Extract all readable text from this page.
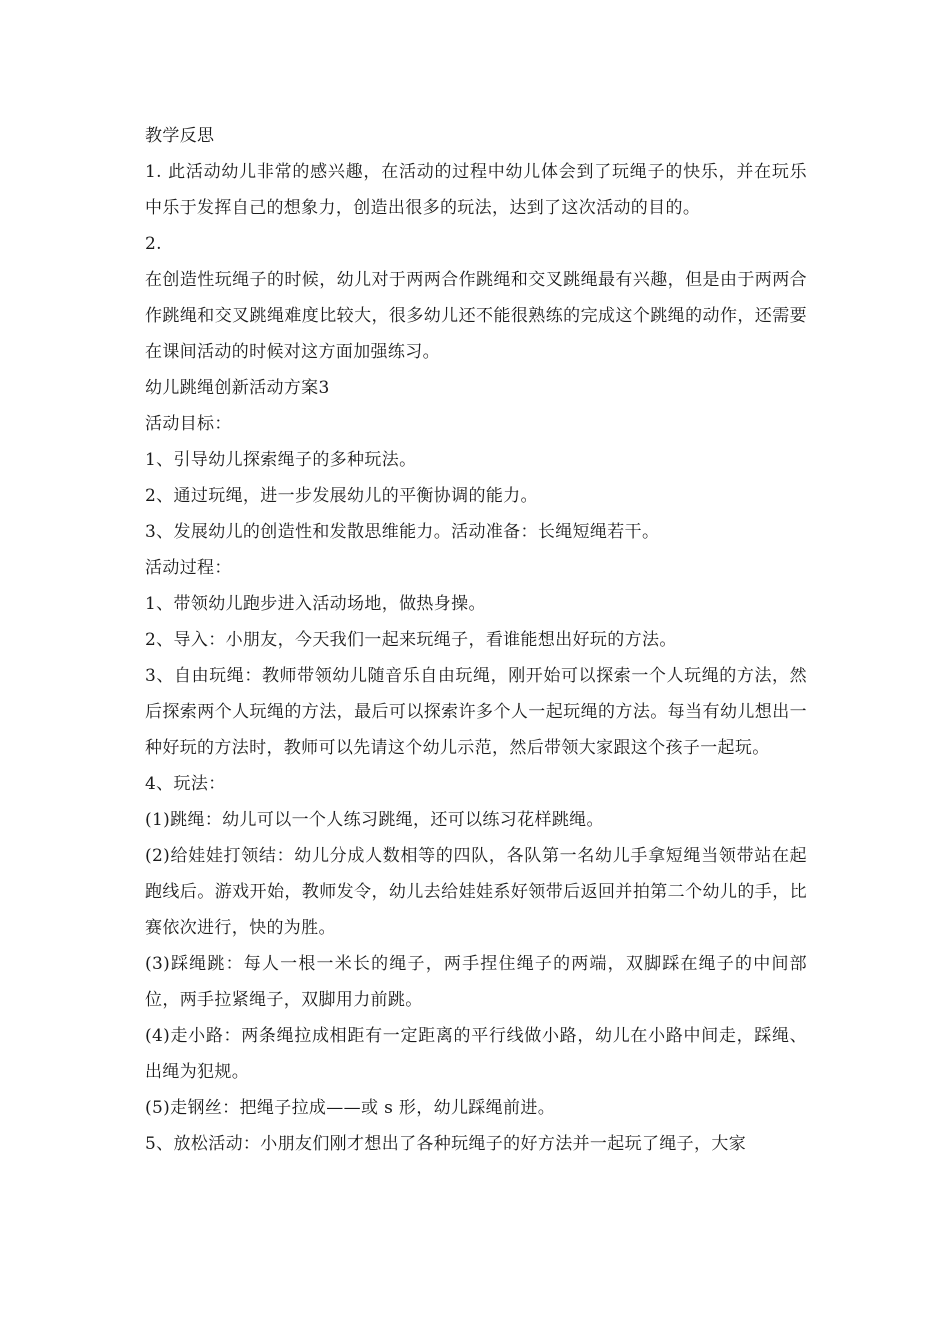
教学反思

1. 此活动幼儿非常的感兴趣，在活动的过程中幼儿体会到了玩绳子的快乐，并在玩乐中乐于发挥自己的想象力，创造出很多的玩法，达到了这次活动的目的。

2.

在创造性玩绳子的时候，幼儿对于两两合作跳绳和交叉跳绳最有兴趣，但是由于两两合作跳绳和交叉跳绳难度比较大，很多幼儿还不能很熟练的完成这个跳绳的动作，还需要在课间活动的时候对这方面加强练习。

幼儿跳绳创新活动方案3

活动目标：

1、引导幼儿探索绳子的多种玩法。

2、通过玩绳，进一步发展幼儿的平衡协调的能力。

3、发展幼儿的创造性和发散思维能力。活动准备：长绳短绳若干。

活动过程：

1、带领幼儿跑步进入活动场地，做热身操。

2、导入：小朋友，今天我们一起来玩绳子，看谁能想出好玩的方法。

3、自由玩绳：教师带领幼儿随音乐自由玩绳，刚开始可以探索一个人玩绳的方法，然后探索两个人玩绳的方法，最后可以探索许多个人一起玩绳的方法。每当有幼儿想出一种好玩的方法时，教师可以先请这个幼儿示范，然后带领大家跟这个孩子一起玩。

4、玩法：

(1)跳绳：幼儿可以一个人练习跳绳，还可以练习花样跳绳。

(2)给娃娃打领结：幼儿分成人数相等的四队，各队第一名幼儿手拿短绳当领带站在起跑线后。游戏开始，教师发令，幼儿去给娃娃系好领带后返回并拍第二个幼儿的手，比赛依次进行，快的为胜。

(3)踩绳跳：每人一根一米长的绳子，两手捏住绳子的两端，双脚踩在绳子的中间部位，两手拉紧绳子，双脚用力前跳。

(4)走小路：两条绳拉成相距有一定距离的平行线做小路，幼儿在小路中间走，踩绳、出绳为犯规。

(5)走钢丝：把绳子拉成——或 s 形，幼儿踩绳前进。

5、放松活动：小朋友们刚才想出了各种玩绳子的好方法并一起玩了绳子，大家
